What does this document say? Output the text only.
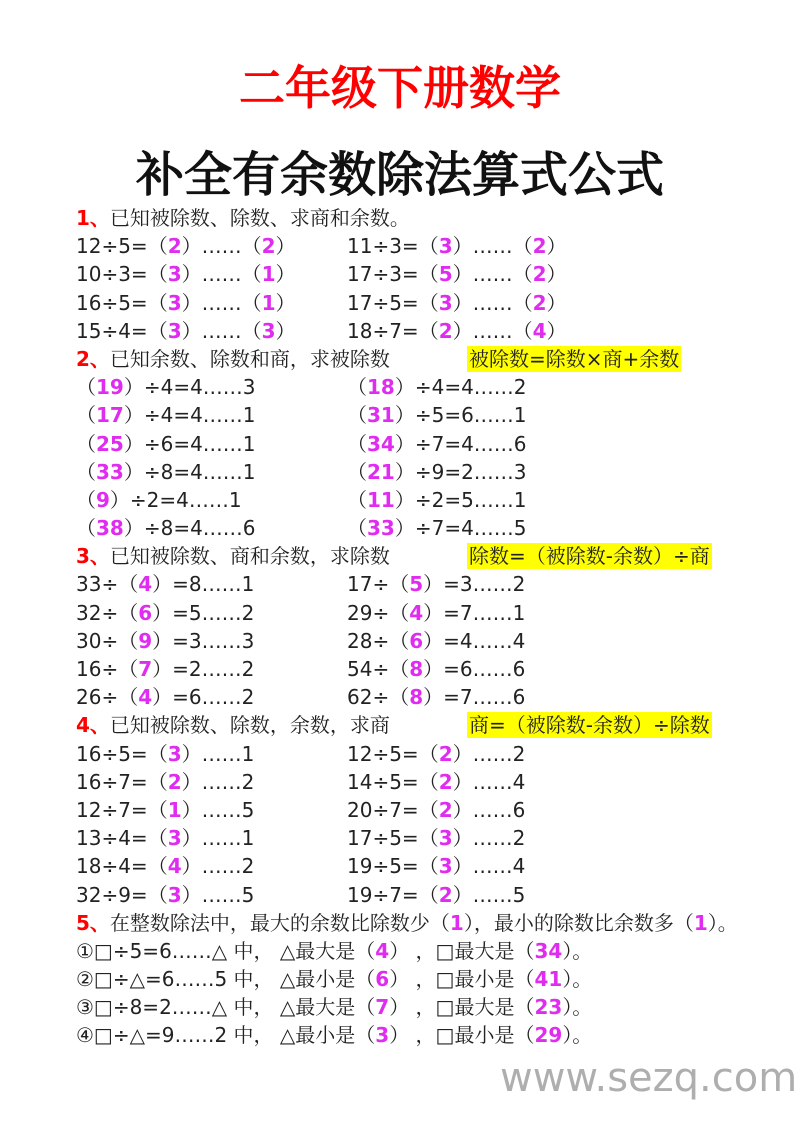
二年级下册数学
补全有余数除法算式公式
1、已知被除数、除数、求商和余数。
12÷5=（2）……（2）	11÷3=（3）……（2）
10÷3=（3）……（1）	17÷3=（5）……（2）
16÷5=（3）……（1）	17÷5=（3）……（2）
15÷4=（3）……（3）	18÷7=（2）……（4）
2、已知余数、除数和商，求被除数	被除数=除数×商+余数
（19）÷4=4……3	（18）÷4=4……2
（17）÷4=4……1	（31）÷5=6……1
（25）÷6=4……1	（34）÷7=4……6
（33）÷8=4……1	（21）÷9=2……3
（9）÷2=4……1	（11）÷2=5……1
（38）÷8=4……6	（33）÷7=4……5
3、已知被除数、商和余数，求除数	除数=（被除数-余数）÷商
33÷（4）=8……1	17÷（5）=3……2
32÷（6）=5……2	29÷（4）=7……1
30÷（9）=3……3	28÷（6）=4……4
16÷（7）=2……2	54÷（8）=6……6
26÷（4）=6……2	62÷（8）=7……6
4、已知被除数、除数，余数，求商	商=（被除数-余数）÷除数
16÷5=（3）……1	12÷5=（2）……2
16÷7=（2）……2	14÷5=（2）……4
12÷7=（1）……5	20÷7=（2）……6
13÷4=（3）……1	17÷5=（3）……2
18÷4=（4）……2	19÷5=（3）……4
32÷9=（3）……5	19÷7=（2）……5
5、在整数除法中，最大的余数比除数少（1），最小的除数比余数多（1）。
①□÷5=6……△ 中， △最大是（4） ，□最大是（34）。
②□÷△=6……5 中， △最小是（6） ，□最小是（41）。
③□÷8=2……△ 中， △最大是（7） ，□最大是（23）。
④□÷△=9……2 中， △最小是（3） ，□最小是（29）。
www.sezq.com
